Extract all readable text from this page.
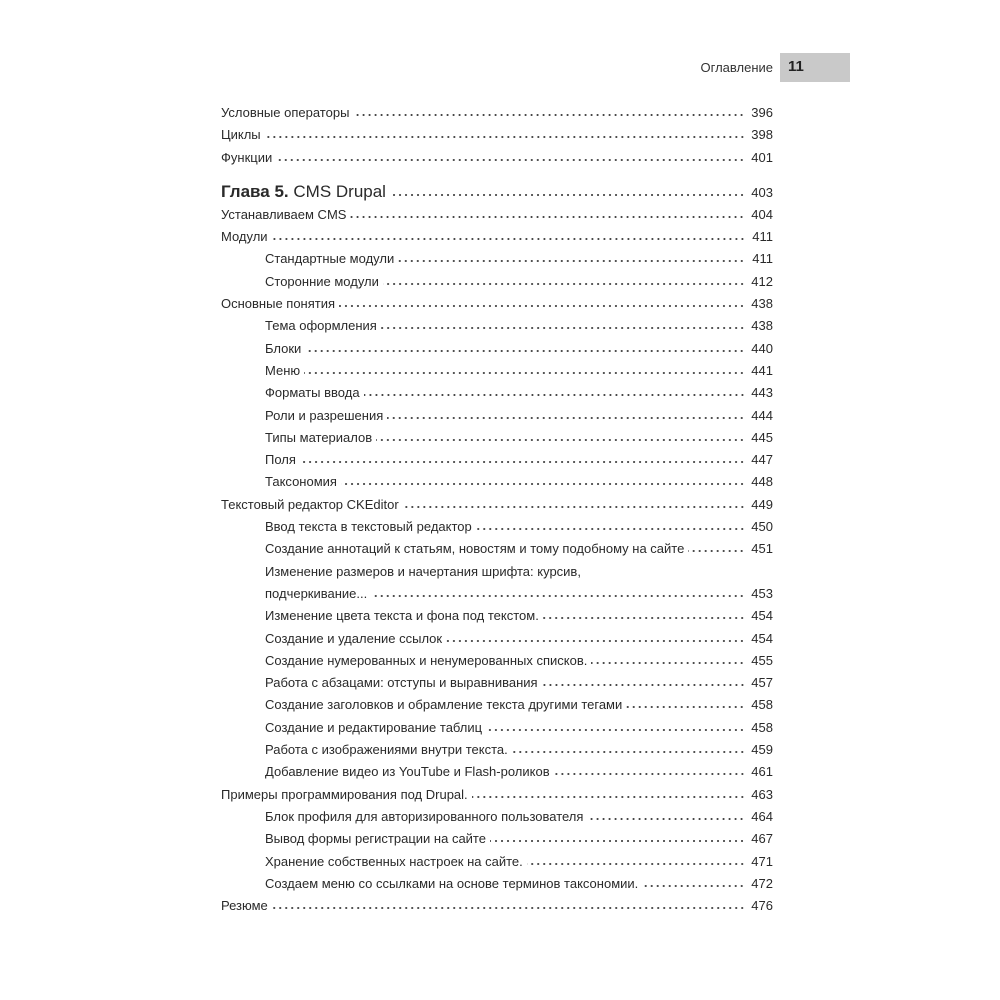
Оглавление 11
Условные операторы	396
Циклы	398
Функции	401
Глава 5. CMS Drupal	403
Устанавливаем CMS	404
Модули	411
Стандартные модули	411
Сторонние модули	412
Основные понятия	438
Тема оформления	438
Блоки	440
Меню	441
Форматы ввода	443
Роли и разрешения	444
Типы материалов	445
Поля	447
Таксономия	448
Текстовый редактор CKEditor	449
Ввод текста в текстовый редактор	450
Создание аннотаций к статьям, новостям и тому подобному на сайте	451
Изменение размеров и начертания шрифта: курсив,
подчеркивание...	453
Изменение цвета текста и фона под текстом.	454
Создание и удаление ссылок	454
Создание нумерованных и ненумерованных списков.	455
Работа с абзацами: отступы и выравнивания	457
Создание заголовков и обрамление текста другими тегами	458
Создание и редактирование таблиц	458
Работа с изображениями внутри текста.	459
Добавление видео из YouTube и Flash-роликов	461
Примеры программирования под Drupal.	463
Блок профиля для авторизированного пользователя	464
Вывод формы регистрации на сайте	467
Хранение собственных настроек на сайте.	471
Создаем меню со ссылками на основе терминов таксономии.	472
Резюме	476
